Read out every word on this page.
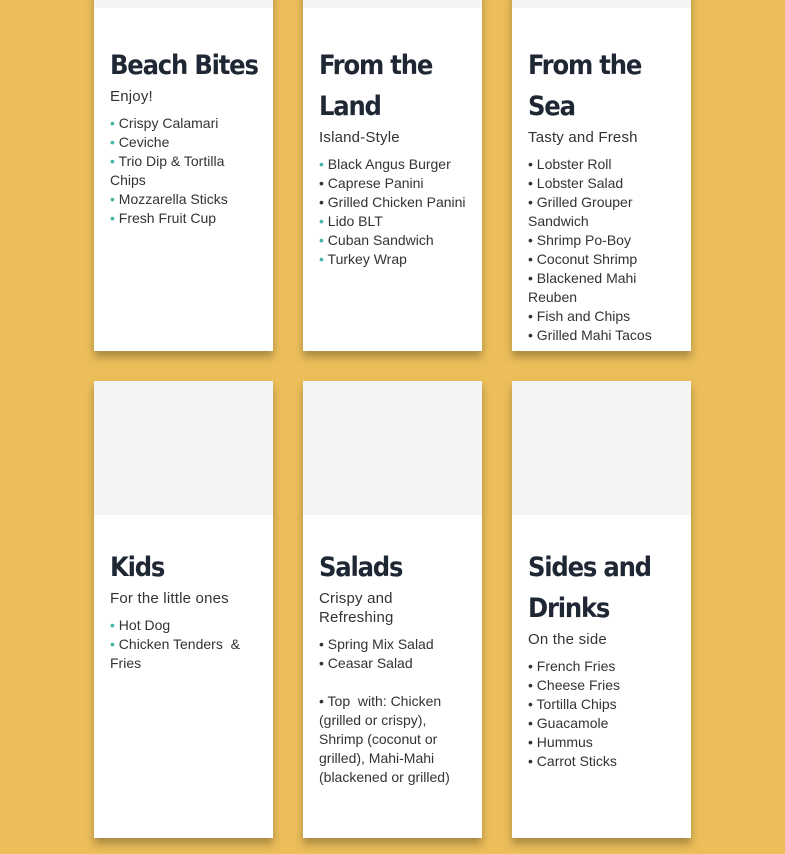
Beach Bites
Enjoy!
• Crispy Calamari
• Ceviche
• Trio Dip & Tortilla Chips
• Mozzarella Sticks
• Fresh Fruit Cup
From the Land
Island-Style
• Black Angus Burger
• Caprese Panini
• Grilled Chicken Panini
• Lido BLT
• Cuban Sandwich
• Turkey Wrap
From the Sea
Tasty and Fresh
• Lobster Roll
• Lobster Salad
• Grilled Grouper Sandwich
• Shrimp Po-Boy
• Coconut Shrimp
• Blackened Mahi Reuben
• Fish and Chips
• Grilled Mahi Tacos
Kids
For the little ones
• Hot Dog
• Chicken Tenders  & Fries
Salads
Crispy and Refreshing
• Spring Mix Salad
• Ceasar Salad
• Top  with: Chicken (grilled or crispy), Shrimp (coconut or grilled), Mahi-Mahi (blackened or grilled)
Sides and Drinks
On the side
• French Fries
• Cheese Fries
• Tortilla Chips
• Guacamole
• Hummus
• Carrot Sticks
